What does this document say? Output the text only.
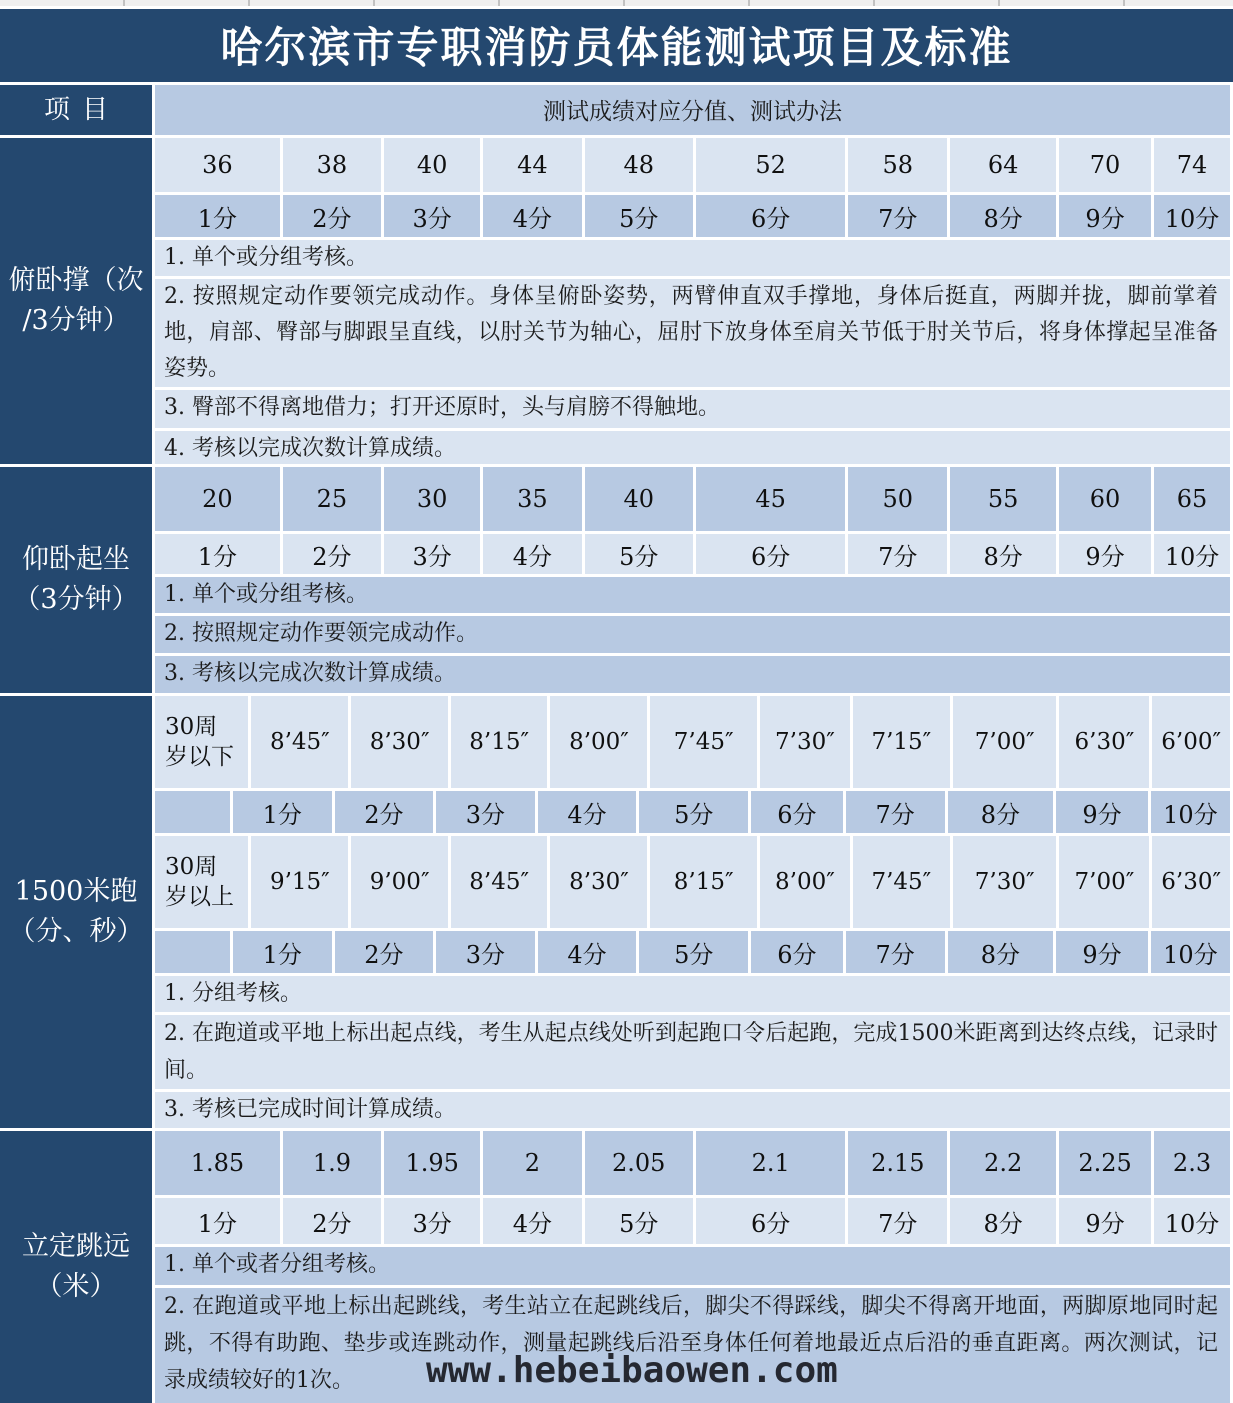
哈尔滨市专职消防员体能测试项目及标准
项目	测试成绩对应分值、测试办法
俯卧撑（次
/3分钟）
36	38	40	44	48	52	58	64	70	74
1分	2分	3分	4分	5分	6分	7分	8分	9分	10分
1. 单个或分组考核。
2. 按照规定动作要领完成动作。身体呈俯卧姿势，两臂伸直双手撑地，身体后挺直，两脚并拢，脚前掌着地，肩部、臀部与脚跟呈直线，以肘关节为轴心，屈肘下放身体至肩关节低于肘关节后，将身体撑起呈准备姿势。
3. 臀部不得离地借力；打开还原时，头与肩膀不得触地。
4. 考核以完成次数计算成绩。
仰卧起坐
（3分钟）
20	25	30	35	40	45	50	55	60	65
1分	2分	3分	4分	5分	6分	7分	8分	9分	10分
1. 单个或分组考核。
2. 按照规定动作要领完成动作。
3. 考核以完成次数计算成绩。
1500米跑
（分、秒）
30周岁以下
8’45″	8’30″	8’15″	8’00″	7’45″	7’30″	7’15″	7’00″	6’30″	6’00″
1分	2分	3分	4分	5分	6分	7分	8分	9分	10分
30周岁以上
9’15″	9’00″	8’45″	8’30″	8’15″	8’00″	7’45″	7’30″	7’00″	6’30″
1分	2分	3分	4分	5分	6分	7分	8分	9分	10分
1. 分组考核。
2. 在跑道或平地上标出起点线，考生从起点线处听到起跑口令后起跑，完成1500米距离到达终点线，记录时间。
3. 考核已完成时间计算成绩。
立定跳远
（米）
1.85	1.9	1.95	2	2.05	2.1	2.15	2.2	2.25	2.3
1分	2分	3分	4分	5分	6分	7分	8分	9分	10分
1. 单个或者分组考核。
2. 在跑道或平地上标出起跳线，考生站立在起跳线后，脚尖不得踩线，脚尖不得离开地面，两脚原地同时起跳，不得有助跑、垫步或连跳动作，测量起跳线后沿至身体任何着地最近点后沿的垂直距离。两次测试，记录成绩较好的1次。	www.hebeibaowen.com
